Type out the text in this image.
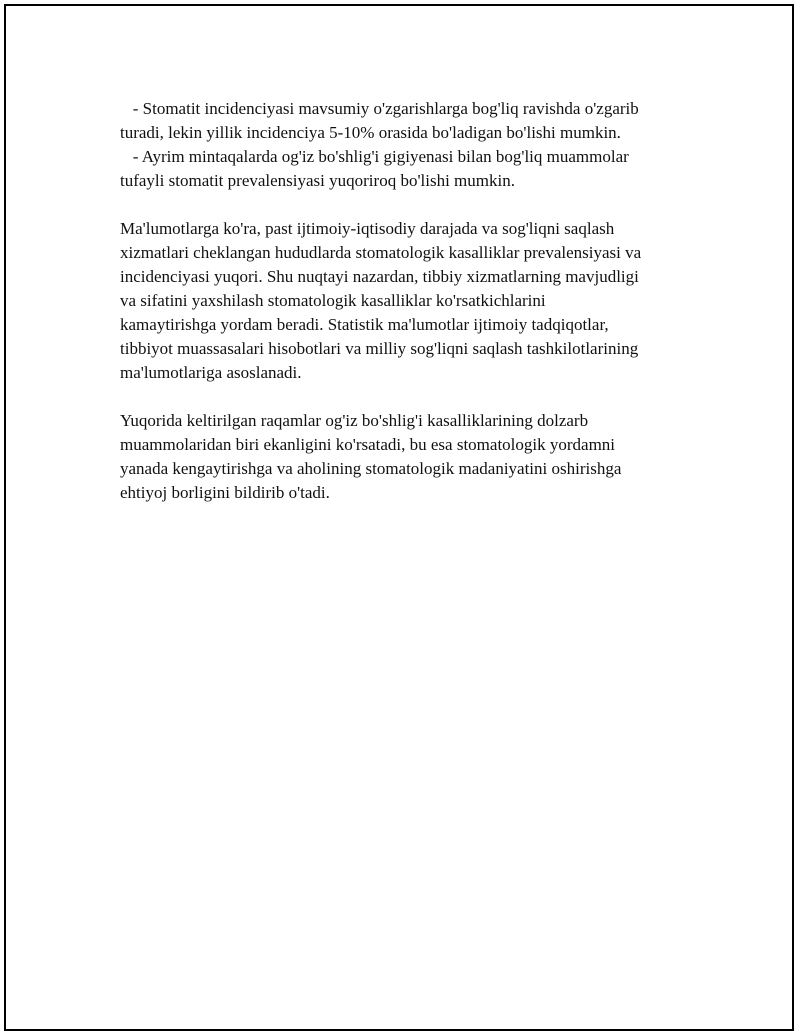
- Stomatit incidenciyasi mavsumiy o'zgarishlarga bog'liq ravishda o'zgarib
turadi, lekin yillik incidenciya 5-10% orasida bo'ladigan bo'lishi mumkin.
- Ayrim mintaqalarda og'iz bo'shlig'i gigiyenasi bilan bog'liq muammolar
tufayli stomatit prevalensiyasi yuqoriroq bo'lishi mumkin.
Ma'lumotlarga ko'ra, past ijtimoiy-iqtisodiy darajada va sog'liqni saqlash
xizmatlari cheklangan hududlarda stomatologik kasalliklar prevalensiyasi va
incidenciyasi yuqori. Shu nuqtayi nazardan, tibbiy xizmatlarning mavjudligi
va sifatini yaxshilash stomatologik kasalliklar ko'rsatkichlarini
kamaytirishga yordam beradi. Statistik ma'lumotlar ijtimoiy tadqiqotlar,
tibbiyot muassasalari hisobotlari va milliy sog'liqni saqlash tashkilotlarining
ma'lumotlariga asoslanadi.
Yuqorida keltirilgan raqamlar og'iz bo'shlig'i kasalliklarining dolzarb
muammolaridan biri ekanligini ko'rsatadi, bu esa stomatologik yordamni
yanada kengaytirishga va aholining stomatologik madaniyatini oshirishga
ehtiyoj borligini bildirib o'tadi.
